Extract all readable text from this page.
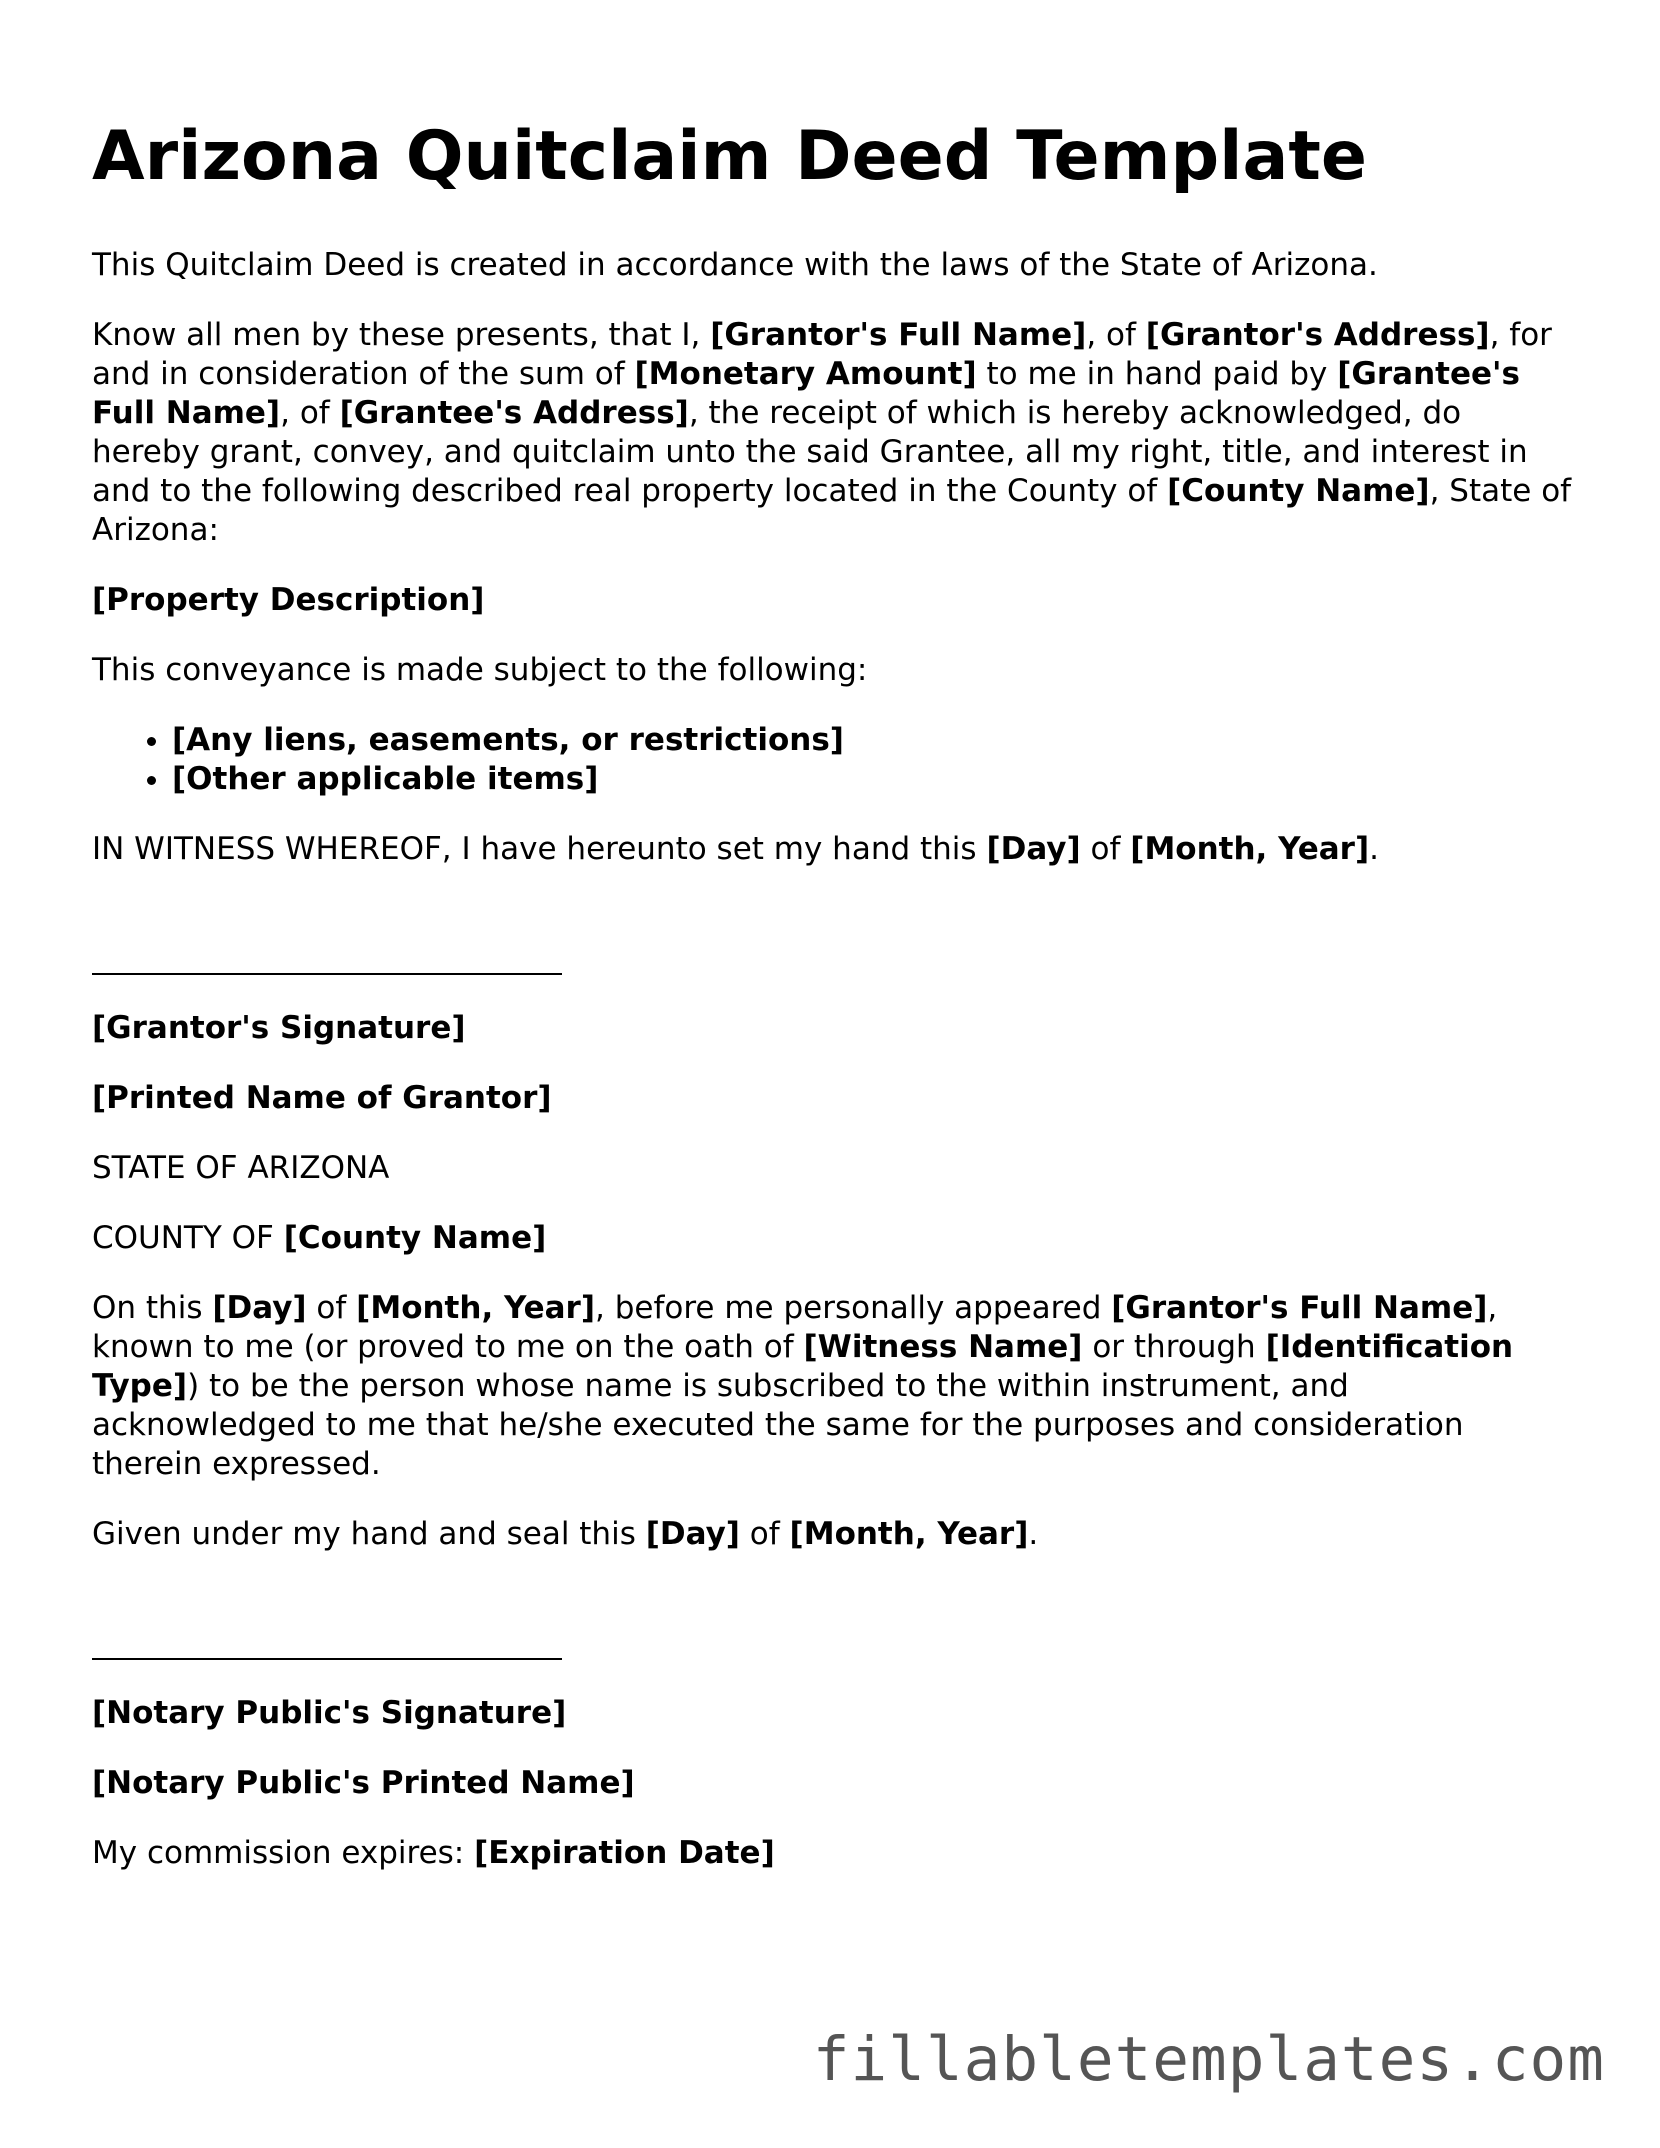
Arizona Quitclaim Deed Template

This Quitclaim Deed is created in accordance with the laws of the State of Arizona.

Know all men by these presents, that I, [Grantor's Full Name], of [Grantor's Address], for and in consideration of the sum of [Monetary Amount] to me in hand paid by [Grantee's Full Name], of [Grantee's Address], the receipt of which is hereby acknowledged, do hereby grant, convey, and quitclaim unto the said Grantee, all my right, title, and interest in and to the following described real property located in the County of [County Name], State of Arizona:

[Property Description]

This conveyance is made subject to the following:

• [Any liens, easements, or restrictions]
• [Other applicable items]

IN WITNESS WHEREOF, I have hereunto set my hand this [Day] of [Month, Year].

[Grantor's Signature]

[Printed Name of Grantor]

STATE OF ARIZONA

COUNTY OF [County Name]

On this [Day] of [Month, Year], before me personally appeared [Grantor's Full Name], known to me (or proved to me on the oath of [Witness Name] or through [Identification Type]) to be the person whose name is subscribed to the within instrument, and acknowledged to me that he/she executed the same for the purposes and consideration therein expressed.

Given under my hand and seal this [Day] of [Month, Year].

[Notary Public's Signature]

[Notary Public's Printed Name]

My commission expires: [Expiration Date]

fillabletemplates.com
